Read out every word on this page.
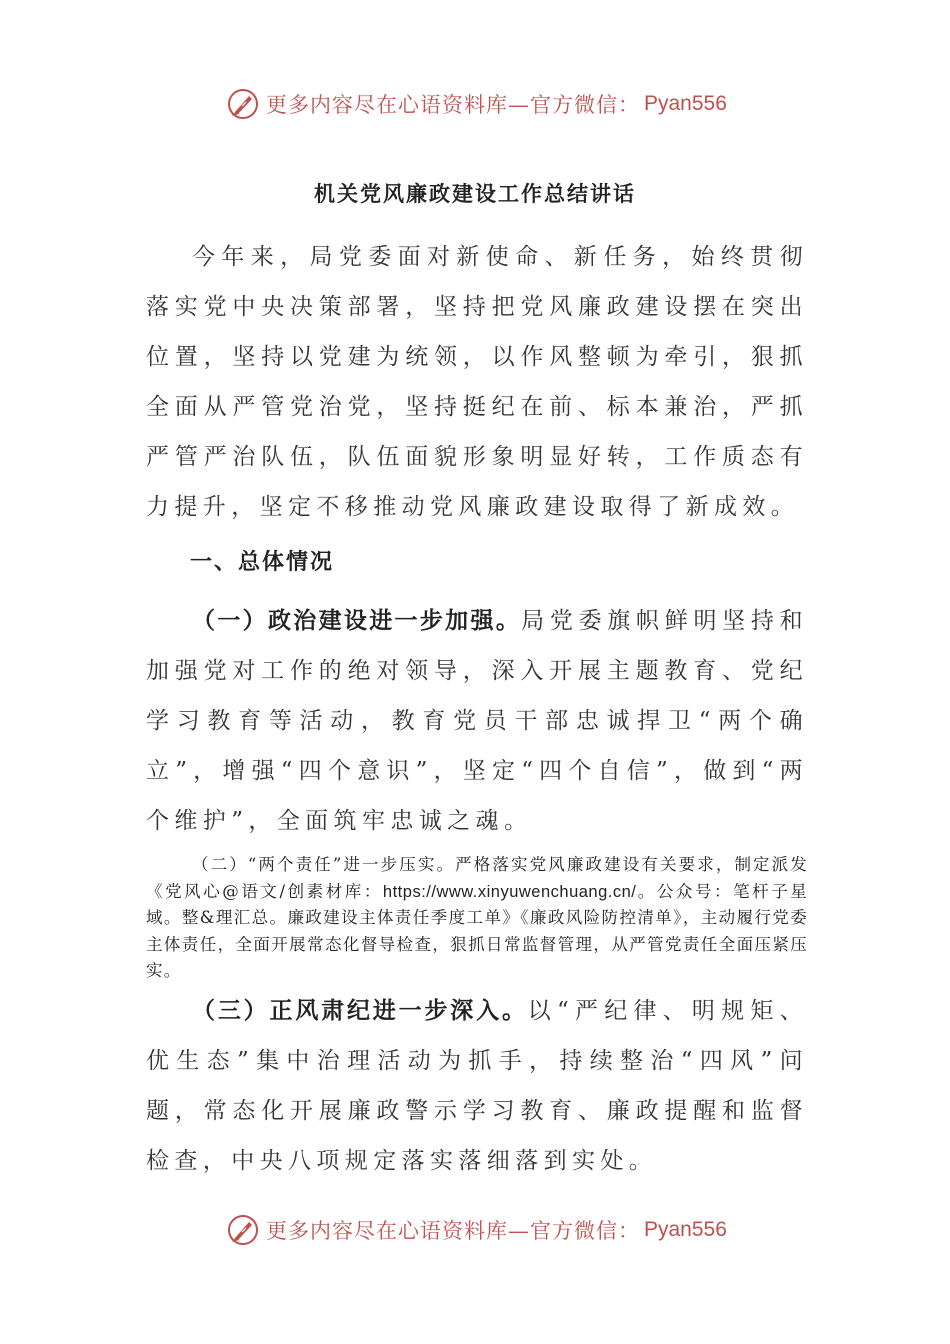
更多内容尽在心语资料库—官方微信： Pyan556
机关党风廉政建设工作总结讲话

今年来，局党委面对新使命、新任务，始终贯彻落实党中央决策部署，坚持把党风廉政建设摆在突出位置，坚持以党建为统领，以作风整顿为牵引，狠抓全面从严管党治党，坚持挺纪在前、标本兼治，严抓严管严治队伍，队伍面貌形象明显好转，工作质态有力提升，坚定不移推动党风廉政建设取得了新成效。

一、总体情况

（一）政治建设进一步加强。局党委旗帜鲜明坚持和加强党对工作的绝对领导，深入开展主题教育、党纪学习教育等活动，教育党员干部忠诚捍卫“两个确立”，增强“四个意识”，坚定“四个自信”，做到“两个维护”，全面筑牢忠诚之魂。

（二）“两个责任”进一步压实。严格落实党风廉政建设有关要求，制定派发《党风心@语文/创素材库：https://www.xinyuwenchuang.cn/。公众号：笔杆子星域。整&理汇总。廉政建设主体责任季度工单》《廉政风险防控清单》，主动履行党委主体责任，全面开展常态化督导检查，狠抓日常监督管理，从严管党责任全面压紧压实。

（三）正风肃纪进一步深入。以“严纪律、明规矩、优生态”集中治理活动为抓手，持续整治“四风”问题，常态化开展廉政警示学习教育、廉政提醒和监督检查，中央八项规定落实落细落到实处。

更多内容尽在心语资料库—官方微信： Pyan556
